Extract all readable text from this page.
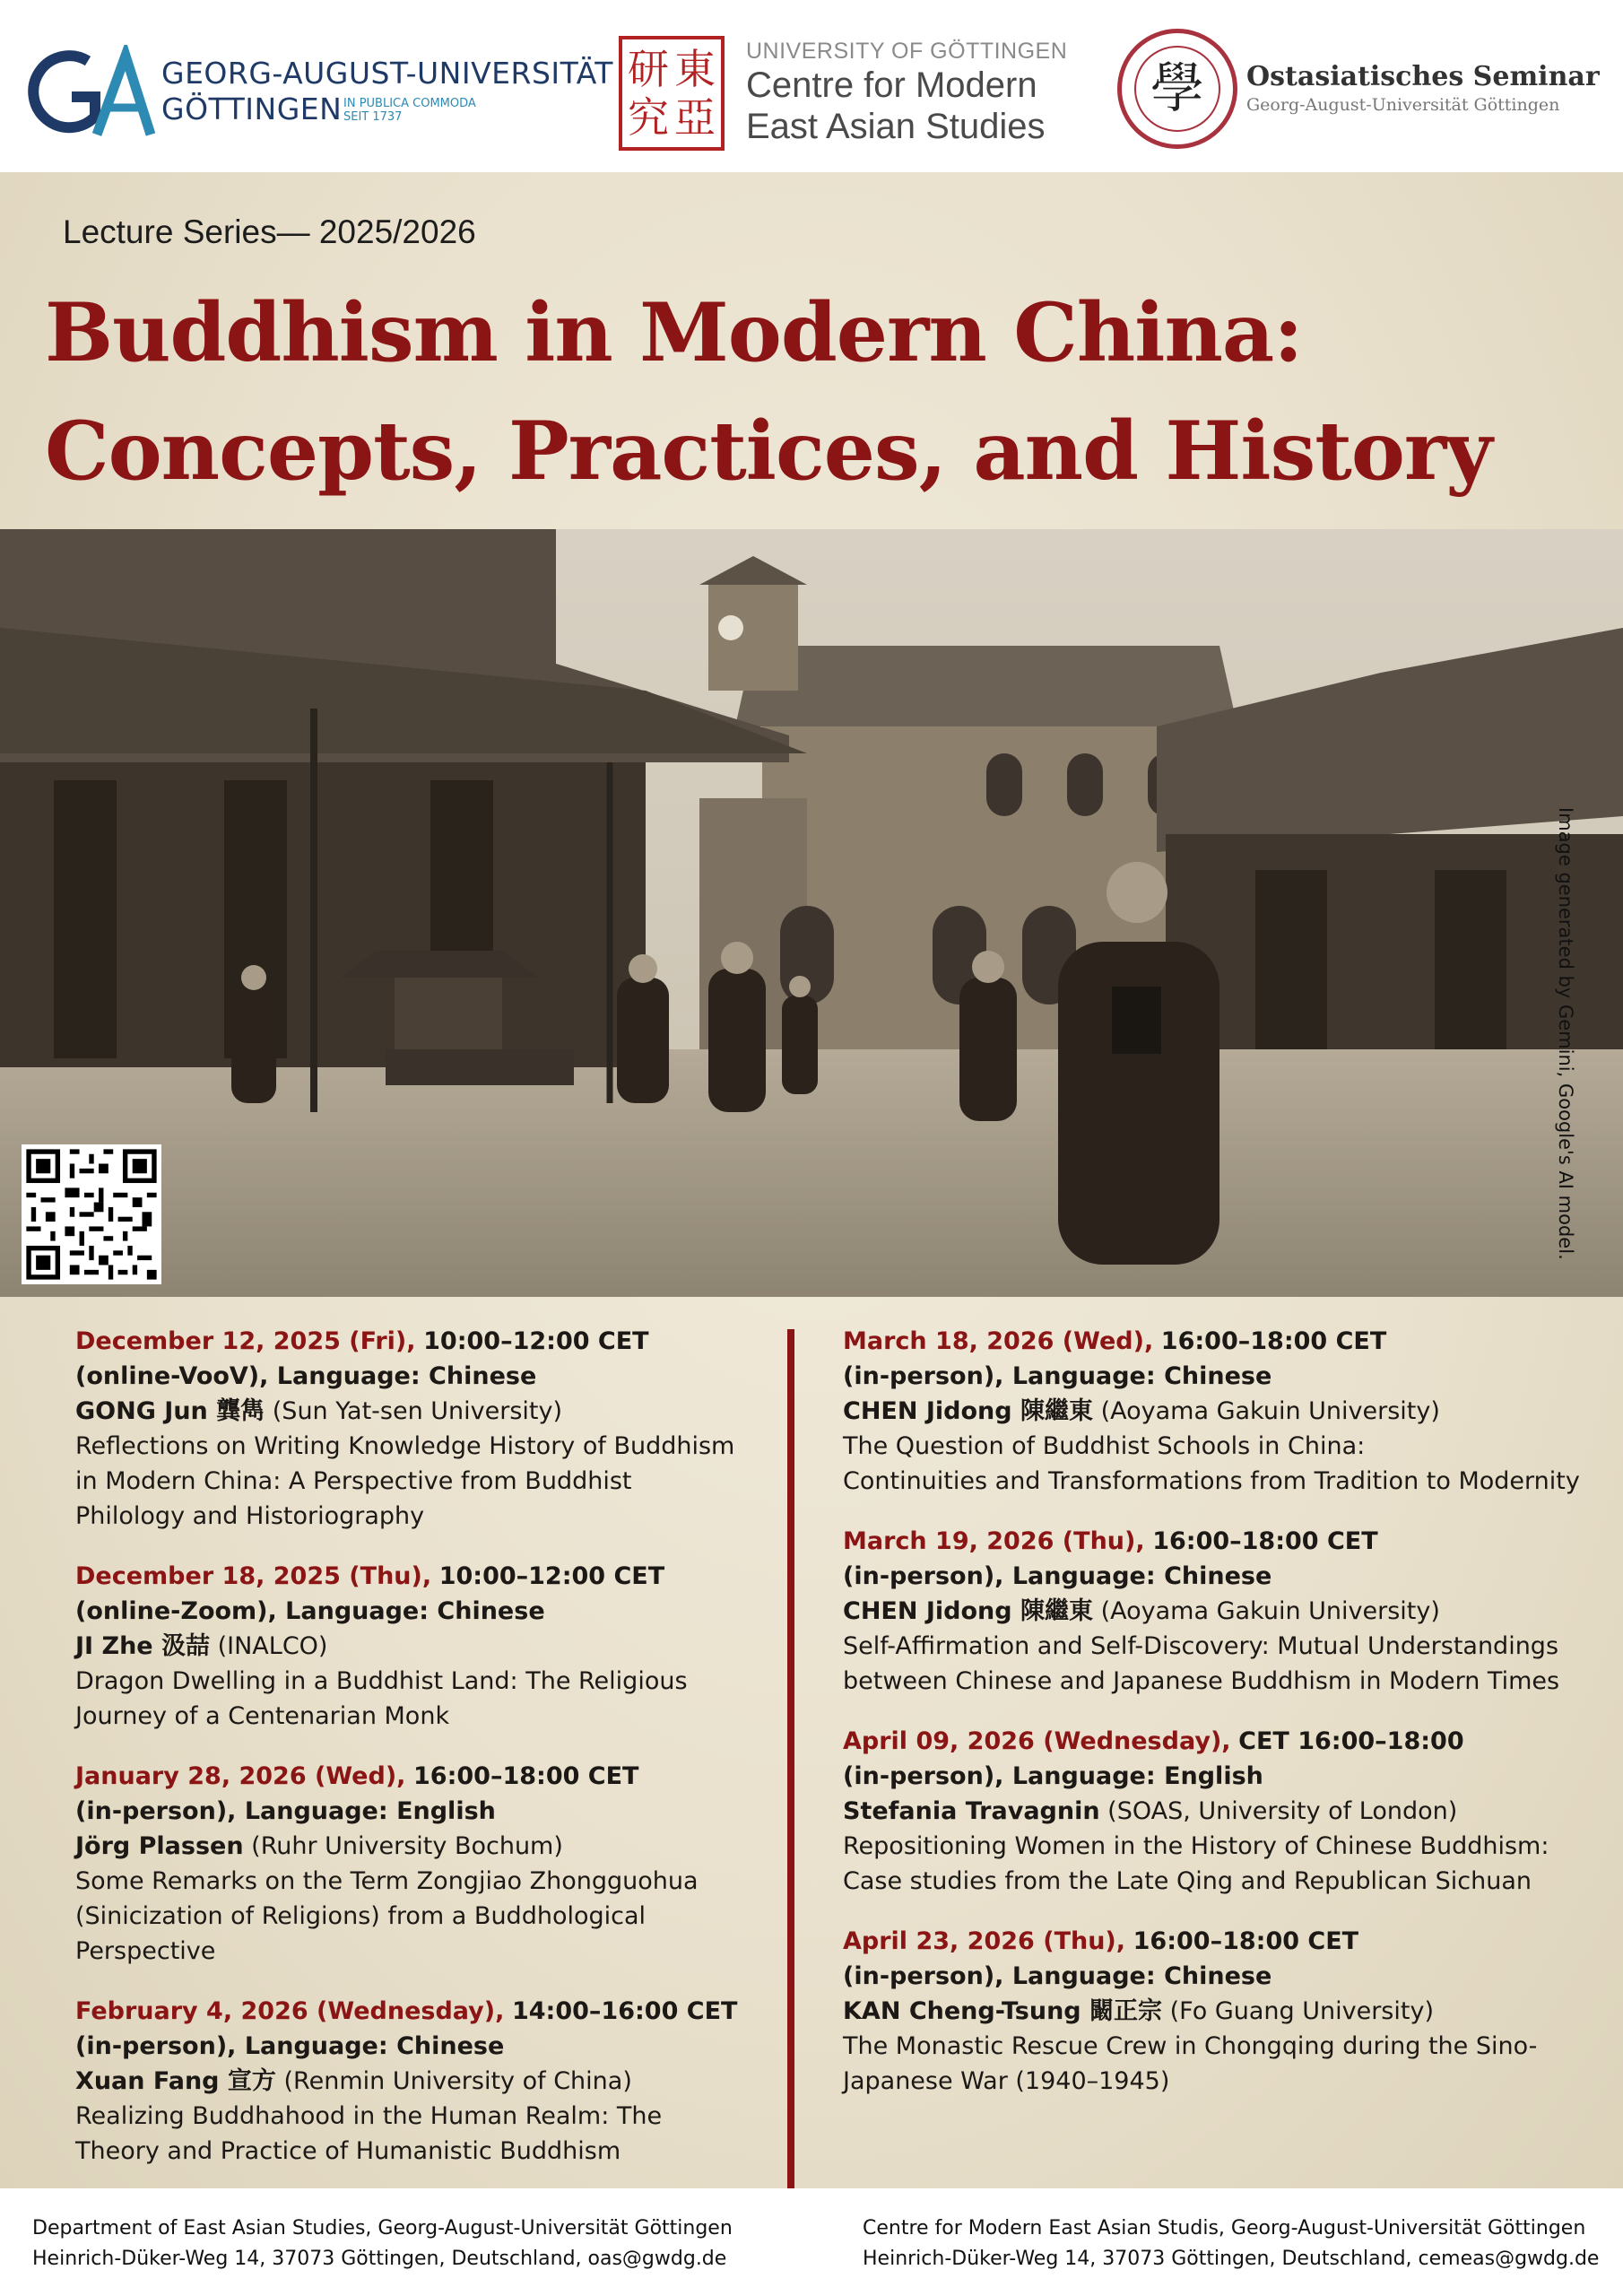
GEORG-AUGUST-UNIVERSITÄT
GÖTTINGEN IN PUBLICA COMMODA
SEIT 1737
東
亞
研
究
UNIVERSITY OF GÖTTINGEN
Centre for Modern
East Asian Studies
學	Ostasiatisches Seminar
Georg-August-Universität Göttingen
Lecture Series— 2025/2026
Buddhism in Modern China:
Concepts, Practices, and History
Image generated by Gemini, Google's AI model.
December 12, 2025 (Fri), 10:00–12:00 CET
(online-VooV), Language: Chinese
GONG Jun 龔雋 (Sun Yat-sen University)
Reflections on Writing Knowledge History of Buddhism
in Modern China: A Perspective from Buddhist
Philology and Historiography
December 18, 2025 (Thu), 10:00–12:00 CET
(online-Zoom), Language: Chinese
JI Zhe 汲喆 (INALCO)
Dragon Dwelling in a Buddhist Land: The Religious
Journey of a Centenarian Monk
January 28, 2026 (Wed), 16:00–18:00 CET
(in-person), Language: English
Jörg Plassen (Ruhr University Bochum)
Some Remarks on the Term Zongjiao Zhongguohua
(Sinicization of Religions) from a Buddhological
Perspective
February 4, 2026 (Wednesday), 14:00–16:00 CET
(in-person), Language: Chinese
Xuan Fang 宣方 (Renmin University of China)
Realizing Buddhahood in the Human Realm: The
Theory and Practice of Humanistic Buddhism
March 18, 2026 (Wed), 16:00–18:00 CET
(in-person), Language: Chinese
CHEN Jidong 陳繼東 (Aoyama Gakuin University)
The Question of Buddhist Schools in China:
Continuities and Transformations from Tradition to Modernity
March 19, 2026 (Thu), 16:00–18:00 CET
(in-person), Language: Chinese
CHEN Jidong 陳繼東 (Aoyama Gakuin University)
Self-Affirmation and Self-Discovery: Mutual Understandings
between Chinese and Japanese Buddhism in Modern Times
April 09, 2026 (Wednesday), CET 16:00–18:00
(in-person), Language: English
Stefania Travagnin (SOAS, University of London)
Repositioning Women in the History of Chinese Buddhism:
Case studies from the Late Qing and Republican Sichuan
April 23, 2026 (Thu), 16:00–18:00 CET
(in-person), Language: Chinese
KAN Cheng-Tsung 闞正宗 (Fo Guang University)
The Monastic Rescue Crew in Chongqing during the Sino-
Japanese War (1940–1945)
Department of East Asian Studies, Georg-August-Universität Göttingen
Heinrich-Düker-Weg 14, 37073 Göttingen, Deutschland, oas@gwdg.de
Centre for Modern East Asian Studis, Georg-August-Universität Göttingen
Heinrich-Düker-Weg 14, 37073 Göttingen, Deutschland, cemeas@gwdg.de
